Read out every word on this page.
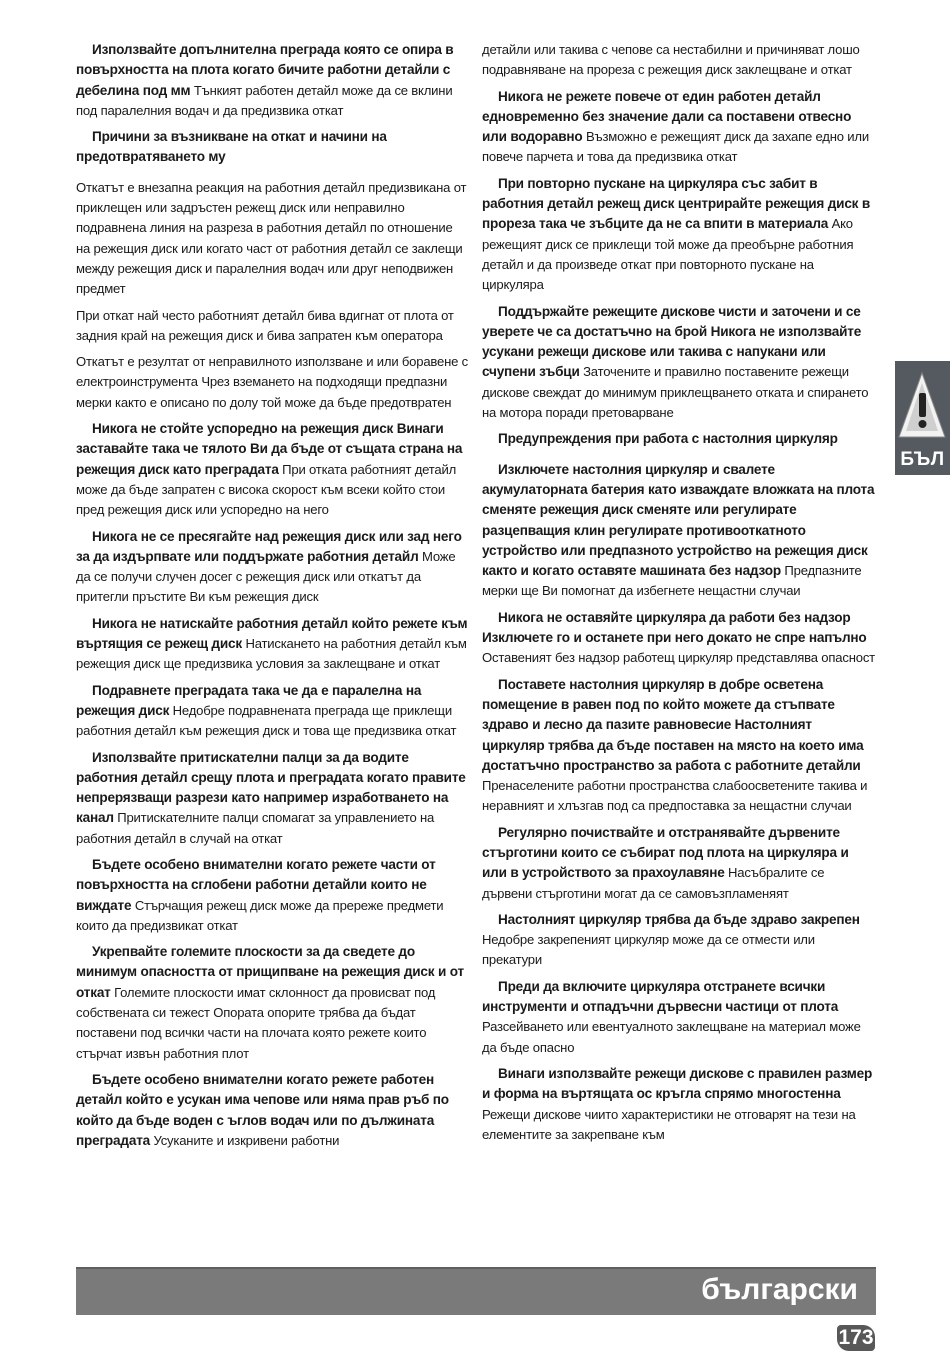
Използвайте допълнителна преграда която се опира в повърхността на плота когато бичите работни детайли с дебелина под мм Тънкият работен детайл може да се вклини под паралелния водач и да предизвика откат

Причини за възникване на откат и начини на предотвратяването му

Откатът е внезапна реакция на работния детайл предизвикана от приклещен или задръстен режещ диск или неправилно подравнена линия на разреза в работния детайл по отношение на режещия диск или когато част от работния детайл се заклещи между режещия диск и паралелния водач или друг неподвижен предмет

При откат най често работният детайл бива вдигнат от плота от задния край на режещия диск и бива запратен към оператора

Откатът е резултат от неправилното използване и или боравене с електроинструмента Чрез вземането на подходящи предпазни мерки както е описано по долу той може да бъде предотвратен

Никога не стойте успоредно на режещия диск Винаги заставайте така че тялото Ви да бъде от същата страна на режещия диск като преградата При отката работният детайл може да бъде запратен с висока скорост към всеки който стои пред режещия диск или успоредно на него

Никога не се пресягайте над режещия диск или зад него за да издърпвате или поддържате работния детайл Може да се получи случен досег с режещия диск или откатът да притегли пръстите Ви към режещия диск

Никога не натискайте работния детайл който режете към въртящия се режещ диск Натискането на работния детайл към режещия диск ще предизвика условия за заклещване и откат

Подравнете преградата така че да е паралелна на режещия диск Недобре подравнената преграда ще приклещи работния детайл към режещия диск и това ще предизвика откат

Използвайте притискателни палци за да водите работния детайл срещу плота и преградата когато правите непрерязващи разрези като например изработването на канал Притискателните палци спомагат за управлението на работния детайл в случай на откат

Бъдете особено внимателни когато режете части от повърхността на сглобени работни детайли които не виждате Стърчащия режещ диск може да пререже предмети които да предизвикат откат

Укрепвайте големите плоскости за да сведете до минимум опасността от прищипване на режещия диск и от откат Големите плоскости имат склонност да провисват под собствената си тежест Опората опорите трябва да бъдат поставени под всички части на плочата която режете които стърчат извън работния плот

Бъдете особено внимателни когато режете работен детайл който е усукан има чепове или няма прав ръб по който да бъде воден с ъглов водач или по дължината преградата Усуканите и изкривени работни

детайли или такива с чепове са нестабилни и причиняват лошо подравняване на прореза с режещия диск заклещване и откат

Никога не режете повече от един работен детайл едновременно без значение дали са поставени отвесно или водоравно Възможно е режещият диск да захапе едно или повече парчета и това да предизвика откат

При повторно пускане на циркуляра със забит в работния детайл режещ диск центрирайте режещия диск в прореза така че зъбците да не са впити в материала Ако режещият диск се приклещи той може да преобърне работния детайл и да произведе откат при повторното пускане на циркуляра

Поддържайте режещите дискове чисти и заточени и се уверете че са достатъчно на брой Никога не използвайте усукани режещи дискове или такива с напукани или счупени зъбци Заточените и правилно поставените режещи дискове свеждат до минимум приклещването отката и спирането на мотора поради претоварване

Предупреждения при работа с настолния циркуляр

Изключете настолния циркуляр и свалете акумулаторната батерия като изваждате вложката на плота сменяте режещия диск сменяте или регулирате разцепващия клин регулирате противооткатното устройство или предпазното устройство на режещия диск както и когато оставяте машината без надзор Предпазните мерки ще Ви помогнат да избегнете нещастни случаи

Никога не оставяйте циркуляра да работи без надзор Изключете го и останете при него докато не спре напълно Оставеният без надзор работещ циркуляр представлява опасност

Поставете настолния циркуляр в добре осветена помещение в равен под по който можете да стъпвате здраво и лесно да пазите равновесие Настолният циркуляр трябва да бъде поставен на място на което има достатъчно пространство за работа с работните детайли Пренаселените работни пространства слабоосветените такива и неравният и хлъзгав под са предпоставка за нещастни случаи

Регулярно почиствайте и отстранявайте дървените стърготини които се събират под плота на циркуляра и или в устройството за прахоулавяне Насъбралите се дървени стърготини могат да се самовъзпламеняят

Настолният циркуляр трябва да бъде здраво закрепен Недобре закрепеният циркуляр може да се отмести или прекатури

Преди да включите циркуляра отстранете всички инструменти и отпадъчни дървесни частици от плота Разсейването или евентуалното заклещване на материал може да бъде опасно

Винаги използвайте режещи дискове с правилен размер и форма на въртящата ос кръгла спрямо многостенна Режещи дискове чиито характеристики не отговарят на тези на елементите за закрепване към

БЪЛ
български
173
